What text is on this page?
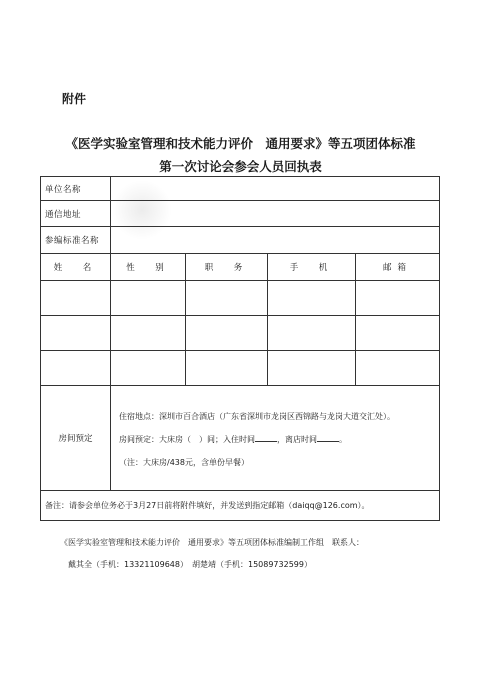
附件
《医学实验室管理和技术能力评价　通用要求》等五项团体标准
第一次讨论会参会人员回执表
单位名称				
通信地址				
参编标准名称				
姓　名	性　别	职　务	手　机	邮箱

房间预定	住宿地点：深圳市百合酒店（广东省深圳市龙岗区西锦路与龙岗大道交汇处）。
房间预定：大床房（　）间；入住时间 ，离店时间 。
（注：大床房/438元，含单份早餐）			

备注：请参会单位务必于3月27日前将附件填好，并发送到指定邮箱（daiqq@126.com）。				
《医学实验室管理和技术能力评价　通用要求》等五项团体标准编制工作组　联系人：
戴其全（手机：13321109648）　胡楚靖（手机：15089732599）
